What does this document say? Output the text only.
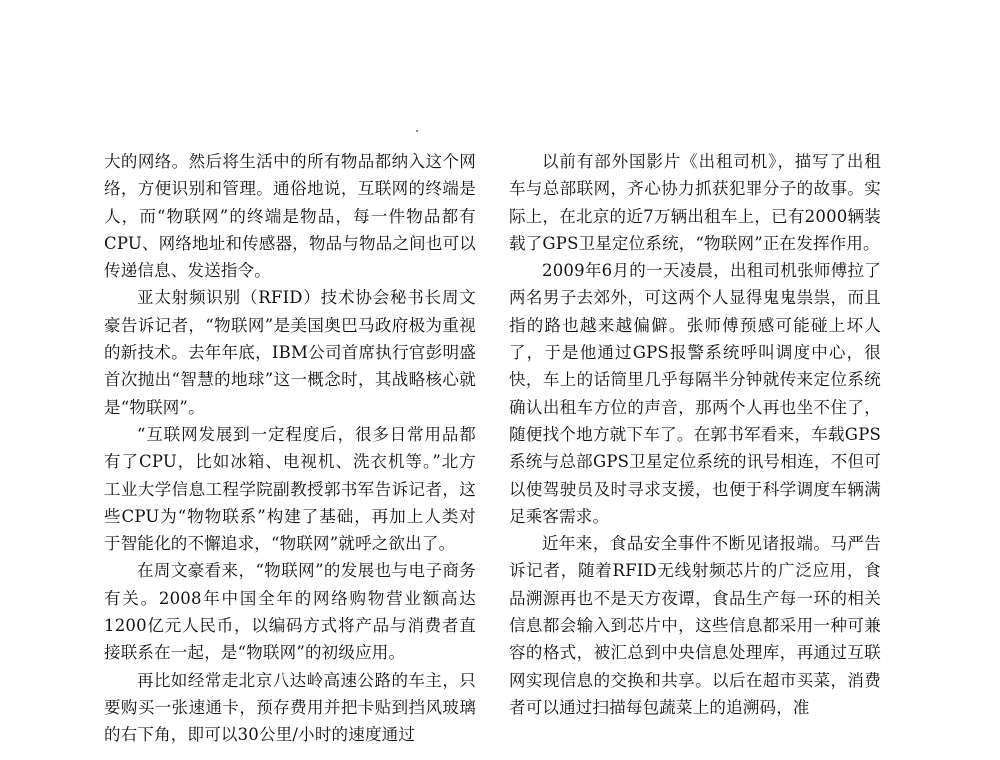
大的网络。然后将生活中的所有物品都纳入这个网络，方便识别和管理。通俗地说，互联网的终端是人，而“物联网”的终端是物品，每一件物品都有CPU、网络地址和传感器，物品与物品之间也可以传递信息、发送指令。

亚太射频识别（RFID）技术协会秘书长周文豪告诉记者，“物联网”是美国奥巴马政府极为重视的新技术。去年年底，IBM公司首席执行官彭明盛首次抛出“智慧的地球”这一概念时，其战略核心就是“物联网”。

“互联网发展到一定程度后，很多日常用品都有了CPU，比如冰箱、电视机、洗衣机等。”北方工业大学信息工程学院副教授郭书军告诉记者，这些CPU为“物物联系”构建了基础，再加上人类对于智能化的不懈追求，“物联网”就呼之欲出了。

在周文豪看来，“物联网”的发展也与电子商务有关。2008年中国全年的网络购物营业额高达1200亿元人民币，以编码方式将产品与消费者直接联系在一起，是“物联网”的初级应用。

再比如经常走北京八达岭高速公路的车主，只要购买一张速通卡，预存费用并把卡贴到挡风玻璃的右下角，即可以30公里/小时的速度通过

以前有部外国影片《出租司机》，描写了出租车与总部联网，齐心协力抓获犯罪分子的故事。实际上，在北京的近7万辆出租车上，已有2000辆装载了GPS卫星定位系统，“物联网”正在发挥作用。

2009年6月的一天凌晨，出租司机张师傅拉了两名男子去郊外，可这两个人显得鬼鬼祟祟，而且指的路也越来越偏僻。张师傅预感可能碰上坏人了，于是他通过GPS报警系统呼叫调度中心，很快，车上的话筒里几乎每隔半分钟就传来定位系统确认出租车方位的声音，那两个人再也坐不住了，随便找个地方就下车了。在郭书军看来，车载GPS系统与总部GPS卫星定位系统的讯号相连，不但可以使驾驶员及时寻求支援，也便于科学调度车辆满足乘客需求。

近年来，食品安全事件不断见诸报端。马严告诉记者，随着RFID无线射频芯片的广泛应用，食品溯源再也不是天方夜谭，食品生产每一环的相关信息都会输入到芯片中，这些信息都采用一种可兼容的格式，被汇总到中央信息处理库，再通过互联网实现信息的交换和共享。以后在超市买菜，消费者可以通过扫描每包蔬菜上的追溯码，准
